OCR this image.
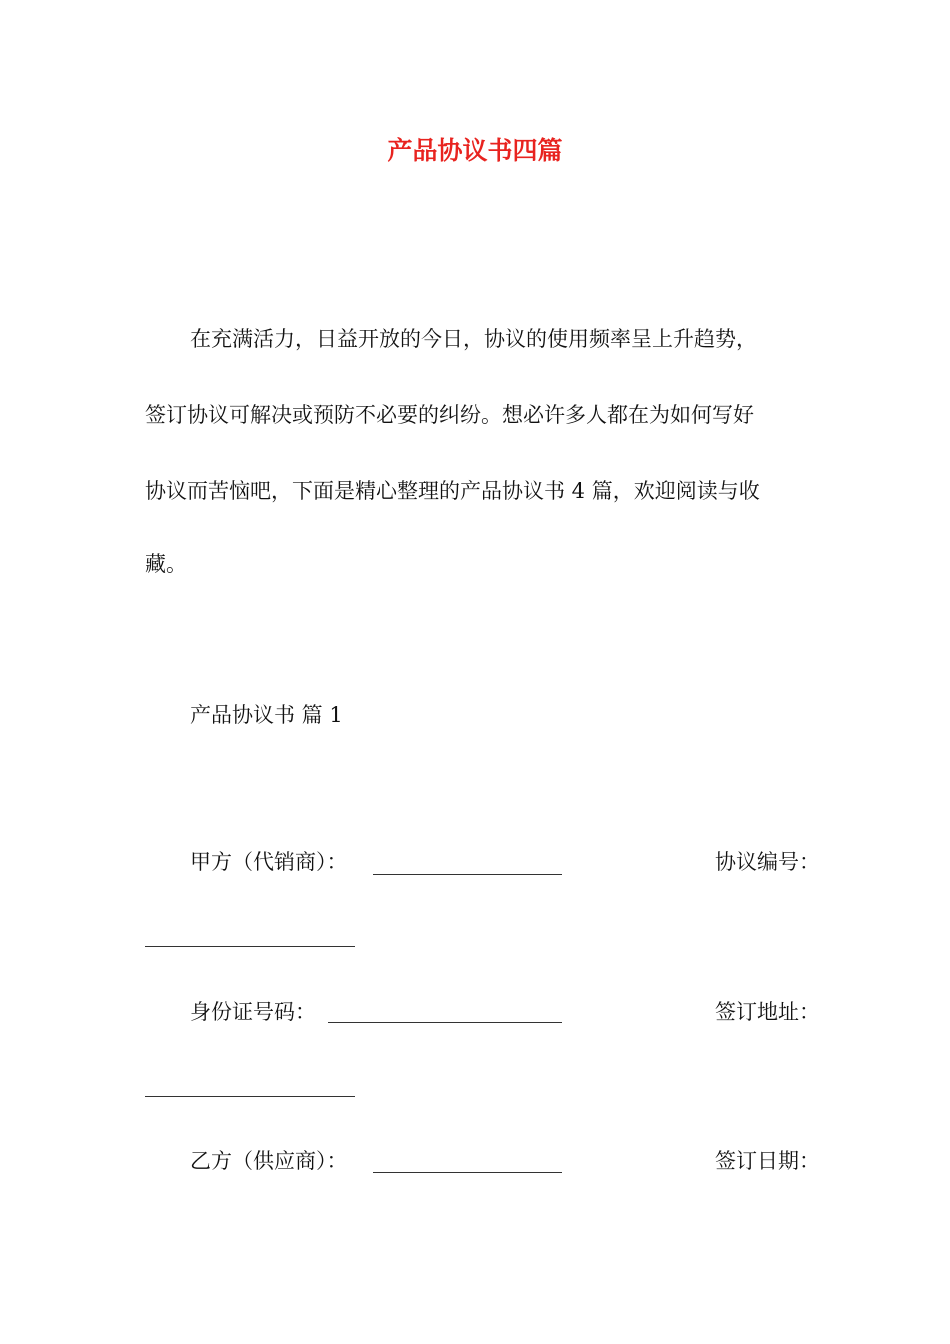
产品协议书四篇
在充满活力，日益开放的今日，协议的使用频率呈上升趋势，
签订协议可解决或预防不必要的纠纷。想必许多人都在为如何写好
协议而苦恼吧，下面是精心整理的产品协议书 4 篇，欢迎阅读与收
藏。
产品协议书 篇 1
甲方（代销商）：	协议编号：
身份证号码：	签订地址：
乙方（供应商）：	签订日期：
